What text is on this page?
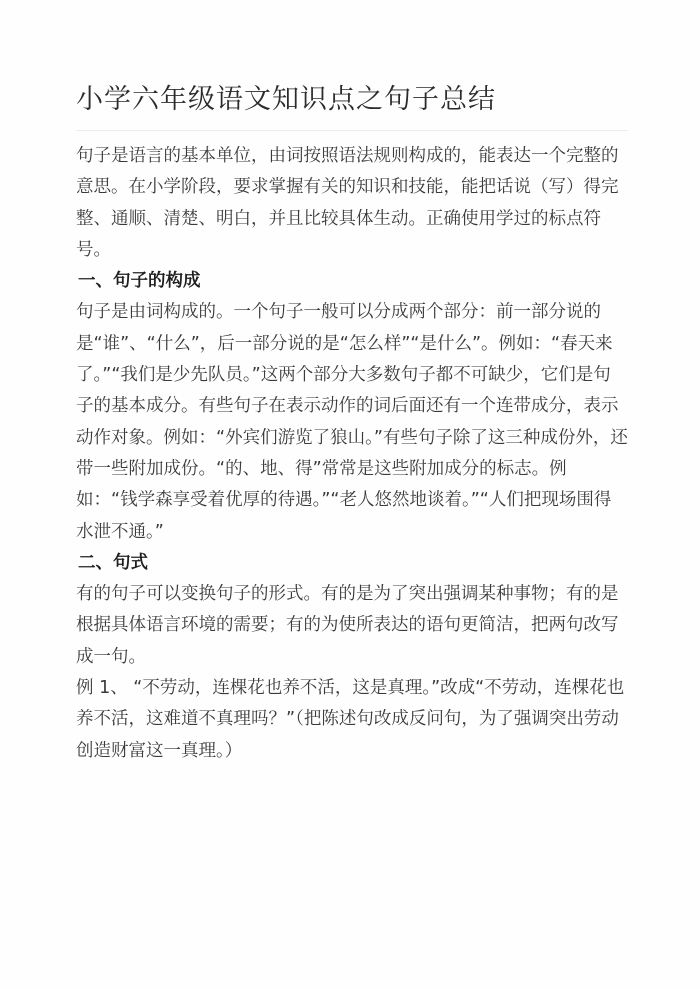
小学六年级语文知识点之句子总结

句子是语言的基本单位，由词按照语法规则构成的，能表达一个完整的意思。在小学阶段，要求掌握有关的知识和技能，能把话说（写）得完整、通顺、清楚、明白，并且比较具体生动。正确使用学过的标点符号。

一、句子的构成

句子是由词构成的。一个句子一般可以分成两个部分：前一部分说的是“谁”、“什么”，后一部分说的是“怎么样”“是什么”。例如：“春天来了。”“我们是少先队员。”这两个部分大多数句子都不可缺少，它们是句子的基本成分。有些句子在表示动作的词后面还有一个连带成分，表示动作对象。例如：“外宾们游览了狼山。”有些句子除了这三种成份外，还带一些附加成份。“的、地、得”常常是这些附加成分的标志。例如：“钱学森享受着优厚的待遇。”“老人悠然地谈着。”“人们把现场围得水泄不通。”

二、句式

有的句子可以变换句子的形式。有的是为了突出强调某种事物；有的是根据具体语言环境的需要；有的为使所表达的语句更简洁，把两句改写成一句。

例 1、 “不劳动，连棵花也养不活，这是真理。”改成“不劳动，连棵花也养不活，这难道不真理吗？”（把陈述句改成反问句，为了强调突出劳动创造财富这一真理。）
